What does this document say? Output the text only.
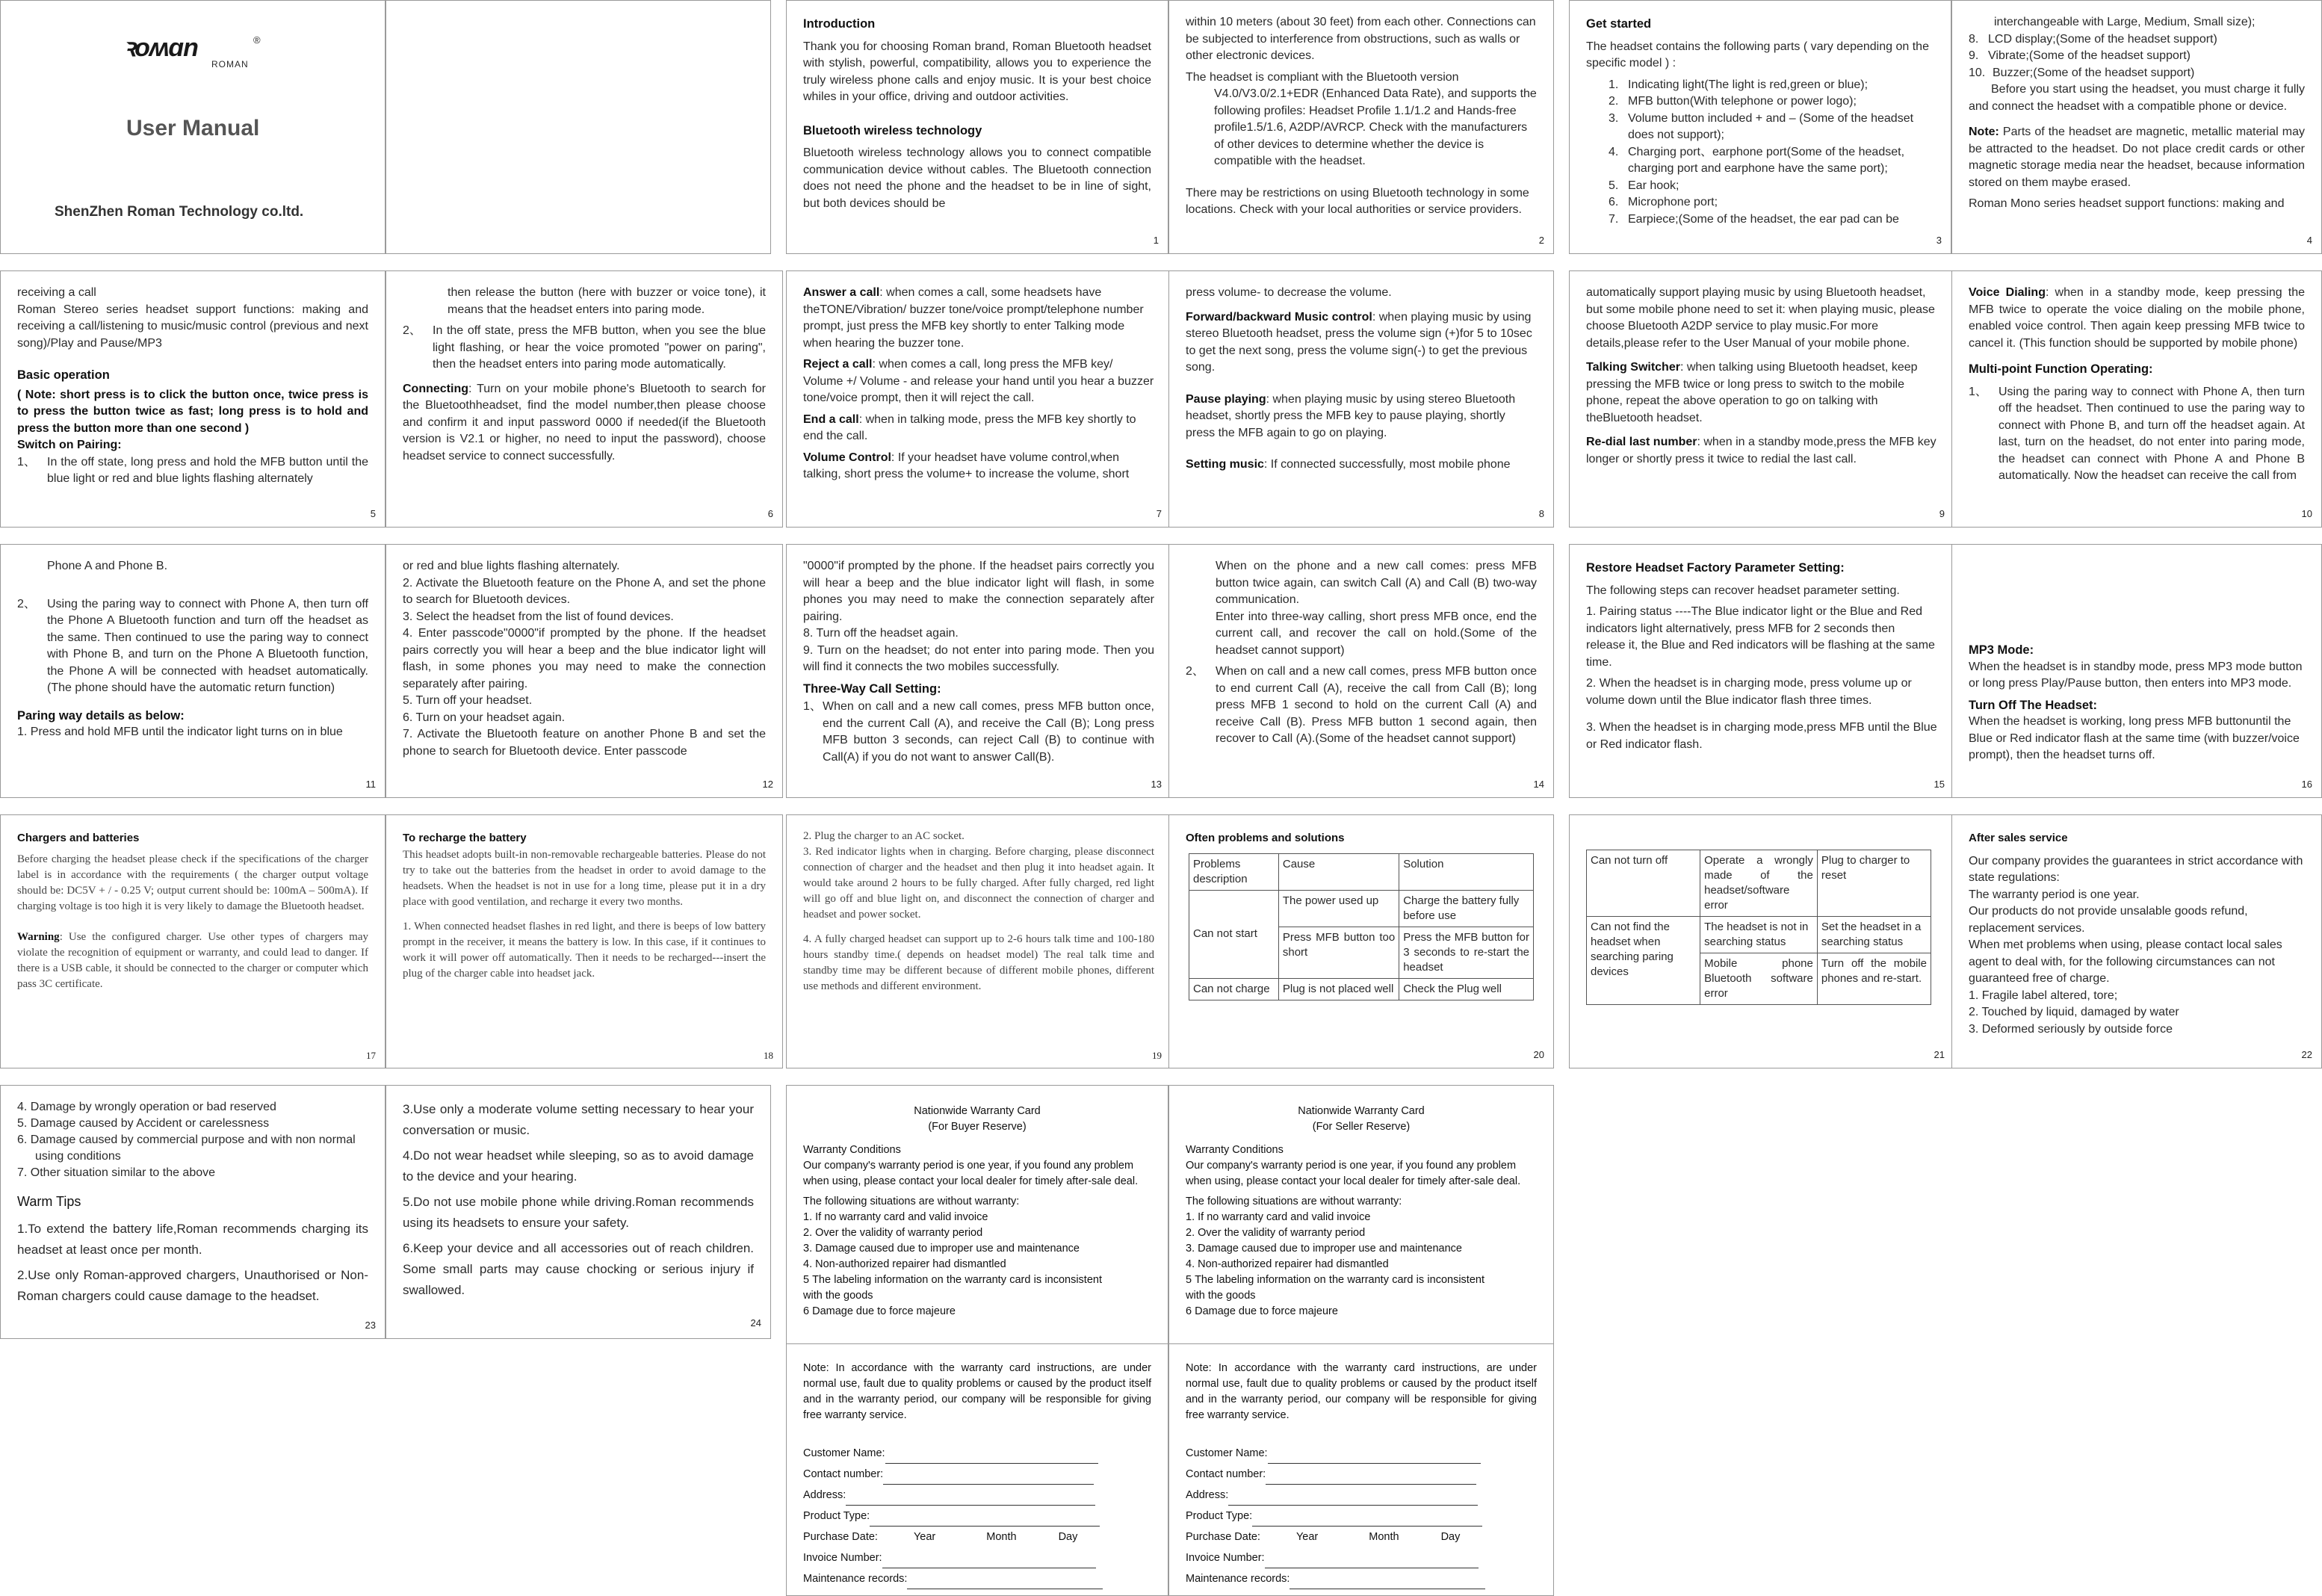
ꝛoʍɑn	®
ROMAN
User Manual
ShenZhen Roman Technology co.ltd.
Introduction

Thank you for choosing Roman brand, Roman Bluetooth headset with stylish, powerful, compatibility, allows you to experience the truly wireless phone calls and enjoy music. It is your best choice whiles in your office, driving and outdoor activities.

Bluetooth wireless technology

Bluetooth wireless technology allows you to connect compatible communication device without cables. The Bluetooth connection does not need the phone and the headset to be in line of sight, but both devices should be

1

within 10 meters (about 30 feet) from each other. Connections can be subjected to interference from obstructions, such as walls or other electronic devices.

The headset is compliant with the Bluetooth version

V4.0/V3.0/2.1+EDR (Enhanced Data Rate), and supports the following profiles: Headset Profile 1.1/1.2 and Hands-free profile1.5/1.6, A2DP/AVRCP. Check with the manufacturers of other devices to determine whether the device is compatible with the headset.

There may be restrictions on using Bluetooth technology in some locations. Check with your local authorities or service providers.

2
Get started

The headset contains the following parts ( vary depending on the specific model ) :

1. Indicating light(The light is red,green or blue);
2. MFB button(With telephone or power logo);
3. Volume button included + and – (Some of the headset does not support);
4. Charging port、earphone port(Some of the headset, charging port and earphone have the same port);
5. Ear hook;
6. Microphone port;
7. Earpiece;(Some of the headset, the ear pad can be
3

interchangeable with Large, Medium, Small size);

8. LCD display;(Some of the headset support)
9. Vibrate;(Some of the headset support)
10. Buzzer;(Some of the headset support)

Before you start using the headset, you must charge it fully and connect the headset with a compatible phone or device.

Note: Parts of the headset are magnetic, metallic material may be attracted to the headset. Do not place credit cards or other magnetic storage media near the headset, because information stored on them maybe erased.

Roman Mono series headset support functions: making and

4

receiving a call

Roman Stereo series headset support functions: making and receiving a call/listening to music/music control (previous and next song)/Play and Pause/MP3

Basic operation

( Note: short press is to click the button once, twice press is to press the button twice as fast; long press is to hold and press the button more than one second )

Switch on Pairing:

1、 In the off state, long press and hold the MFB button until the blue light or red and blue lights flashing alternately
5

then release the button (here with buzzer or voice tone), it means that the headset enters into paring mode.

2、 In the off state, press the MFB button, when you see the blue light flashing, or hear the voice promoted "power on paring", then the headset enters into paring mode automatically.

Connecting: Turn on your mobile phone's Bluetooth to search for the Bluetoothheadset, find the model number,then please choose and confirm it and input password 0000 if needed(if the Bluetooth version is V2.1 or higher, no need to input the password), choose headset service to connect successfully.

6

Answer a call: when comes a call, some headsets have theTONE/Vibration/ buzzer tone/voice prompt/telephone number prompt, just press the MFB key shortly to enter Talking mode when hearing the buzzer tone.

Reject a call: when comes a call, long press the MFB key/ Volume +/ Volume - and release your hand until you hear a buzzer tone/voice prompt, then it will reject the call.

End a call: when in talking mode, press the MFB key shortly to end the call.

Volume Control: If your headset have volume control,when talking, short press the volume+ to increase the volume, short

7

press volume- to decrease the volume.

Forward/backward Music control: when playing music by using stereo Bluetooth headset, press the volume sign (+)for 5 to 10sec to get the next song, press the volume sign(-) to get the previous song.

Pause playing: when playing music by using stereo Bluetooth headset, shortly press the MFB key to pause playing, shortly press the MFB again to go on playing.

Setting music: If connected successfully, most mobile phone

8

automatically support playing music by using Bluetooth headset, but some mobile phone need to set it: when playing music, please choose Bluetooth A2DP service to play music.For more details,please refer to the User Manual of your mobile phone.

Talking Switcher: when talking using Bluetooth headset, keep pressing the MFB twice or long press to switch to the mobile phone, repeat the above operation to go on talking with theBluetooth headset.

Re-dial last number: when in a standby mode,press the MFB key longer or shortly press it twice to redial the last call.

9

Voice Dialing: when in a standby mode, keep pressing the MFB twice to operate the voice dialing on the mobile phone, enabled voice control. Then again keep pressing MFB twice to cancel it. (This function should be supported by mobile phone)

Multi-point Function Operating:
1、 Using the paring way to connect with Phone A, then turn off the headset. Then continued to use the paring way to connect with Phone B, and turn off the headset again. At last, turn on the headset, do not enter into paring mode, the headset can connect with Phone A and Phone B automatically. Now the headset can receive the call from
10

Phone A and Phone B.

2、 Using the paring way to connect with Phone A, then turn off the Phone A Bluetooth function and turn off the headset as the same. Then continued to use the paring way to connect with Phone B, and turn on the Phone A Bluetooth function, the Phone A will be connected with headset automatically. (The phone should have the automatic return function)
Paring way details as below:

1. Press and hold MFB until the indicator light turns on in blue

11

or red and blue lights flashing alternately.

2. Activate the Bluetooth feature on the Phone A, and set the phone to search for Bluetooth devices.

3. Select the headset from the list of found devices.

4. Enter passcode"0000"if prompted by the phone. If the headset pairs correctly you will hear a beep and the blue indicator light will flash, in some phones you may need to make the connection separately after pairing.

5. Turn off your headset.

6. Turn on your headset again.

7. Activate the Bluetooth feature on another Phone B and set the phone to search for Bluetooth device. Enter passcode

12

"0000"if prompted by the phone. If the headset pairs correctly you will hear a beep and the blue indicator light will flash, in some phones you may need to make the connection separately after pairing.

8. Turn off the headset again.

9. Turn on the headset; do not enter into paring mode. Then you will find it connects the two mobiles successfully.

Three-Way Call Setting:
1、 When on call and a new call comes, press MFB button once, end the current Call (A), and receive the Call (B); Long press MFB button 3 seconds, can reject Call (B) to continue with Call(A) if you do not want to answer Call(B).
13

When on the phone and a new call comes: press MFB button twice again, can switch Call (A) and Call (B) two-way communication.

Enter into three-way calling, short press MFB once, end the current call, and recover the call on hold.(Some of the headset cannot support)

2、 When on call and a new call comes, press MFB button once to end current Call (A), receive the call from Call (B); long press MFB 1 second to hold on the current Call (A) and receive Call (B). Press MFB button 1 second again, then recover to Call (A).(Some of the headset cannot support)
14
Restore Headset Factory Parameter Setting:

The following steps can recover headset parameter setting.

1. Pairing status ----The Blue indicator light or the Blue and Red indicators light alternatively, press MFB for 2 seconds then release it, the Blue and Red indicators will be flashing at the same time.

2. When the headset is in charging mode, press volume up or volume down until the Blue indicator flash three times.

3. When the headset is in charging mode,press MFB until the Blue or Red indicator flash.

15
MP3 Mode:

When the headset is in standby mode, press MP3 mode button or long press Play/Pause button, then enters into MP3 mode.

Turn Off The Headset:

When the headset is working, long press MFB buttonuntil the Blue or Red indicator flash at the same time (with buzzer/voice prompt), then the headset turns off.

16
Chargers and batteries

Before charging the headset please check if the specifications of the charger label is in accordance with the requirements ( the charger output voltage should be: DC5V + / - 0.25 V; output current should be: 100mA – 500mA). If charging voltage is too high it is very likely to damage the Bluetooth headset.

Warning: Use the configured charger. Use other types of chargers may violate the recognition of equipment or warranty, and could lead to danger. If there is a USB cable, it should be connected to the charger or computer which pass 3C certificate.

17
To recharge the battery

This headset adopts built-in non-removable rechargeable batteries. Please do not try to take out the batteries from the headset in order to avoid damage to the headsets. When the headset is not in use for a long time, please put it in a dry place with good ventilation, and recharge it every two months.

1. When connected headset flashes in red light, and there is beeps of low battery prompt in the receiver, it means the battery is low. In this case, if it continues to work it will power off automatically. Then it needs to be recharged---insert the plug of the charger cable into headset jack.

18

2. Plug the charger to an AC socket.

3. Red indicator lights when in charging. Before charging, please disconnect connection of charger and the headset and then plug it into headset again. It would take around 2 hours to be fully charged. After fully charged, red light will go off and blue light on, and disconnect the connection of charger and headset and power socket.

4. A fully charged headset can support up to 2-6 hours talk time and 100-180 hours standby time.( depends on headset model) The real talk time and standby time may be different because of different mobile phones, different use methods and different environment.

19
Often problems and solutions
Problems description	Cause	Solution
Can not start	The power used up	Charge the battery fully before use
	Press MFB button too short	Press the MFB button for 3 seconds to re-start the headset
Can not charge	Plug is not placed well	Check the Plug well
20
Can not turn off	Operate a wrongly made of the headset/software error	Plug to charger to reset
Can not find the headset when searching paring devices	The headset is not in searching status	Set the headset in a searching status
	Mobile phone Bluetooth software error	Turn off the mobile phones and re-start.
21
After sales service

Our company provides the guarantees in strict accordance with state regulations:

The warranty period is one year.

Our products do not provide unsalable goods refund, replacement services.

When met problems when using, please contact local sales agent to deal with, for the following circumstances can not guaranteed free of charge.

1. Fragile label altered, tore;

2. Touched by liquid, damaged by water

3. Deformed seriously by outside force

22

4. Damage by wrongly operation or bad reserved

5. Damage caused by Accident or carelessness

6. Damage caused by commercial purpose and with non normal using conditions

7. Other situation similar to the above

Warm Tips

1.To extend the battery life,Roman recommends charging its headset at least once per month.

2.Use only Roman-approved chargers, Unauthorised or Non-Roman chargers could cause damage to the headset.

23

3.Use only a moderate volume setting necessary to hear your conversation or music.

4.Do not wear headset while sleeping, so as to avoid damage to the device and your hearing.

5.Do not use mobile phone while driving.Roman recommends using its headsets to ensure your safety.

6.Keep your device and all accessories out of reach children. Some small parts may cause chocking or serious injury if swallowed.

24
Nationwide Warranty Card
(For Buyer Reserve)
Warranty Conditions

Our company's warranty period is one year, if you found any problem when using, please contact your local dealer for timely after-sale deal.

The following situations are without warranty:
1. If no warranty card and valid invoice
2. Over the validity of warranty period
3. Damage caused due to improper use and maintenance
4. Non-authorized repairer had dismantled
5 The labeling information on the warranty card is inconsistent with the goods
6 Damage due to force majeure

Note: In accordance with the warranty card instructions, are under normal use, fault due to quality problems or caused by the product itself and in the warranty period, our company will be responsible for giving free warranty service.

Customer Name:
Contact number:
Address:
Product Type:
Purchase Date:	Year	Month	Day
Invoice Number:
Maintenance records:
Nationwide Warranty Card
(For Seller Reserve)
Warranty Conditions

Our company's warranty period is one year, if you found any problem when using, please contact your local dealer for timely after-sale deal.

The following situations are without warranty:
1. If no warranty card and valid invoice
2. Over the validity of warranty period
3. Damage caused due to improper use and maintenance
4. Non-authorized repairer had dismantled
5 The labeling information on the warranty card is inconsistent with the goods
6 Damage due to force majeure

Note: In accordance with the warranty card instructions, are under normal use, fault due to quality problems or caused by the product itself and in the warranty period, our company will be responsible for giving free warranty service.

Customer Name:
Contact number:
Address:
Product Type:
Purchase Date:	Year	Month	Day
Invoice Number:
Maintenance records:
